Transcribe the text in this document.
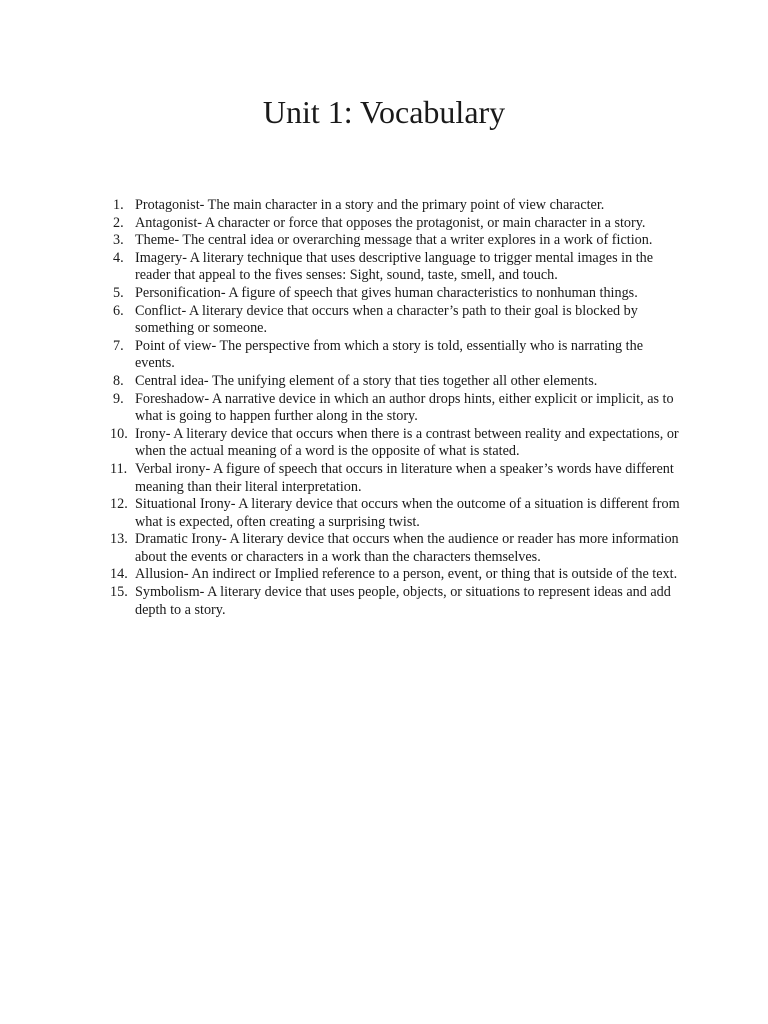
Unit 1: Vocabulary
1. Protagonist- The main character in a story and the primary point of view character.
2. Antagonist- A character or force that opposes the protagonist, or main character in a story.
3. Theme- The central idea or overarching message that a writer explores in a work of fiction.
4. Imagery- A literary technique that uses descriptive language to trigger mental images in the reader that appeal to the fives senses: Sight, sound, taste, smell, and touch.
5. Personification- A figure of speech that gives human characteristics to nonhuman things.
6. Conflict- A literary device that occurs when a character’s path to their goal is blocked by something or someone.
7. Point of view- The perspective from which a story is told, essentially who is narrating the events.
8. Central idea- The unifying element of a story that ties together all other elements.
9. Foreshadow- A narrative device in which an author drops hints, either explicit or implicit, as to what is going to happen further along in the story.
10. Irony- A literary device that occurs when there is a contrast between reality and expectations, or when the actual meaning of a word is the opposite of what is stated.
11. Verbal irony- A figure of speech that occurs in literature when a speaker’s words have different meaning than their literal interpretation.
12. Situational Irony- A literary device that occurs when the outcome of a situation is different from what is expected, often creating a surprising twist.
13. Dramatic Irony- A literary device that occurs when the audience or reader has more information about the events or characters in a work than the characters themselves.
14. Allusion- An indirect or Implied reference to a person, event, or thing that is outside of the text.
15. Symbolism- A literary device that uses people, objects, or situations to represent ideas and add depth to a story.
